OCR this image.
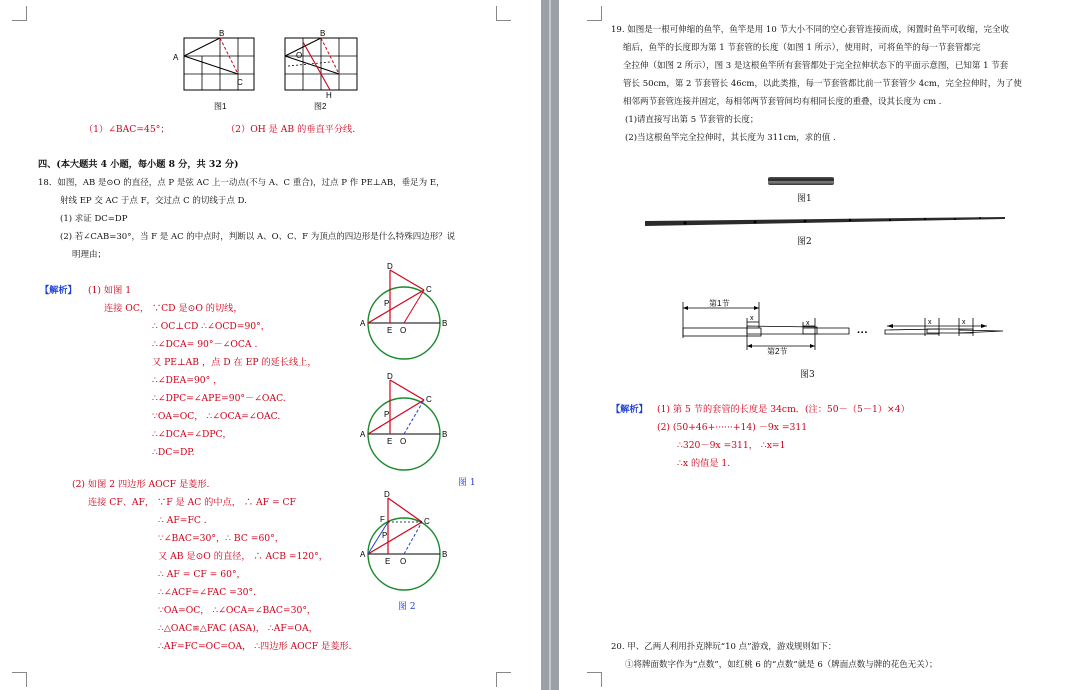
A
B
C
图1
O
B
H
图2
（1）∠BAC=45°；	（2）OH 是 AB 的垂直平分线.
四、(本大题共 4 小题，每小题 8 分，共 32 分)
18．如图，AB 是⊙O 的直径，点 P 是弦 AC 上一动点(不与 A、C 重合)，过点 P 作 PE⊥AB，垂足为 E，
射线 EP 交 AC 于点 F，交过点 C 的切线于点 D.
(1) 求证 DC=DP
(2) 若∠CAB=30°，当 F 是 AC 的中点时，判断以 A、O、C、F 为顶点的四边形是什么特殊四边形？说
明理由；
【解析】 (1) 如图 1
连接 OC， ∵CD 是⊙O 的切线，
∴ OC⊥CD ∴∠OCD=90°，
∴∠DCA= 90°－∠OCA .
又 PE⊥AB ，点 D 在 EP 的延长线上，
∴∠DEA=90° ，
∴∠DPC=∠APE=90°－∠OAC.
∵OA=OC， ∴∠OCA=∠OAC.
∴∠DCA=∠DPC，
∴DC=DP.
(2) 如图 2 四边形 AOCF 是菱形.
连接 CF、AF， ∵F 是 AC 的中点， ∴ AF = CF
∴ AF=FC .
∵∠BAC=30°，∴ BC =60°，
又 AB 是⊙O 的直径， ∴ ACB =120°，
∴ AF = CF = 60°，
∴∠ACF=∠FAC =30°.
∵OA=OC， ∴∠OCA=∠BAC=30°，
∴△OAC≌△FAC (ASA)， ∴AF=OA，
∴AF=FC=OC=OA， ∴四边形 AOCF 是菱形.
D
P
C
A	B
E O
D
P
C
A	B
E O
图 1
D
F
P
C
A	B
E O
图 2
19. 如图是一根可伸缩的鱼竿，鱼竿是用 10 节大小不同的空心套管连接而成，闲置时鱼竿可收缩，完全收
缩后，鱼竿的长度即为第 1 节套管的长度（如图 1 所示），使用时，可将鱼竿的每一节套管都完
全拉伸（如图 2 所示），图 3 是这根鱼竿所有套管都处于完全拉伸状态下的平面示意图，已知第 1 节套
管长 50cm，第 2 节套管长 46cm，以此类推，每一节套管都比前一节套管少 4cm，完全拉伸时，为了使
相邻两节套管连接并固定，每相邻两节套管间均有相同长度的重叠，设其长度为 cm .
(1)请直接写出第 5 节套管的长度；
(2)当这根鱼竿完全拉伸时，其长度为 311cm，求的值 .
图1
图2
第1节
x
x
第2节
···
x	x
图3
【解析】 (1) 第 5 节的套管的长度是 34cm．(注：50－（5－1）×4）
(2) (50+46+······+14) －9x =311
∴320－9x =311， ∴x=1
∴x 的值是 1.
20. 甲、乙两人利用扑克牌玩“10 点”游戏，游戏规则如下：
①将牌面数字作为“点数”，如红桃 6 的“点数”就是 6（牌面点数与牌的花色无关）；
